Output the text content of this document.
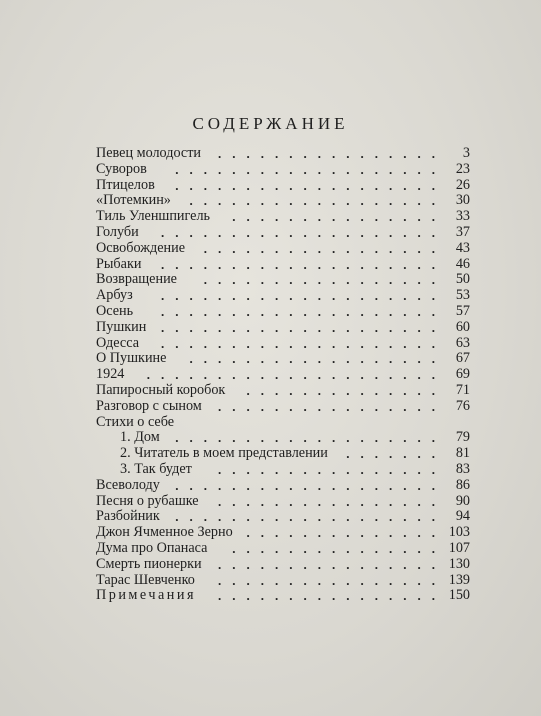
СОДЕРЖАНИЕ
Певец молодости	................	3
Суворов	................... 23
Птицелов	................... 26
«Потемкин»	.................. 30
Тиль Уленшпигель	............... 33
Голуби	.................... 37
Освобождение	................. 43
Рыбаки	.................... 46
Возвращение	................. 50
Арбуз	.................... 53
Осень	.................... 57
Пушкин	.................... 60
Одесса	.................... 63
О Пушкине	.................. 67
1924	..................... 69
Папиросный коробок	.............. 71
Разговор с сыном	................ 76
Стихи о себе
1. Дом	................... 79
2. Читатель в моем представлении	....... 81
3. Так будет	................ 83
Всеволоду	................... 86
Песня о рубашке	................ 90
Разбойник	................... 94
Джон Ячменное Зерно .............. 103
Дума про Опанаса	............... 107
Смерть пионерки	................ 130
Тарас Шевченко	................ 139
Примечания	................ 150
